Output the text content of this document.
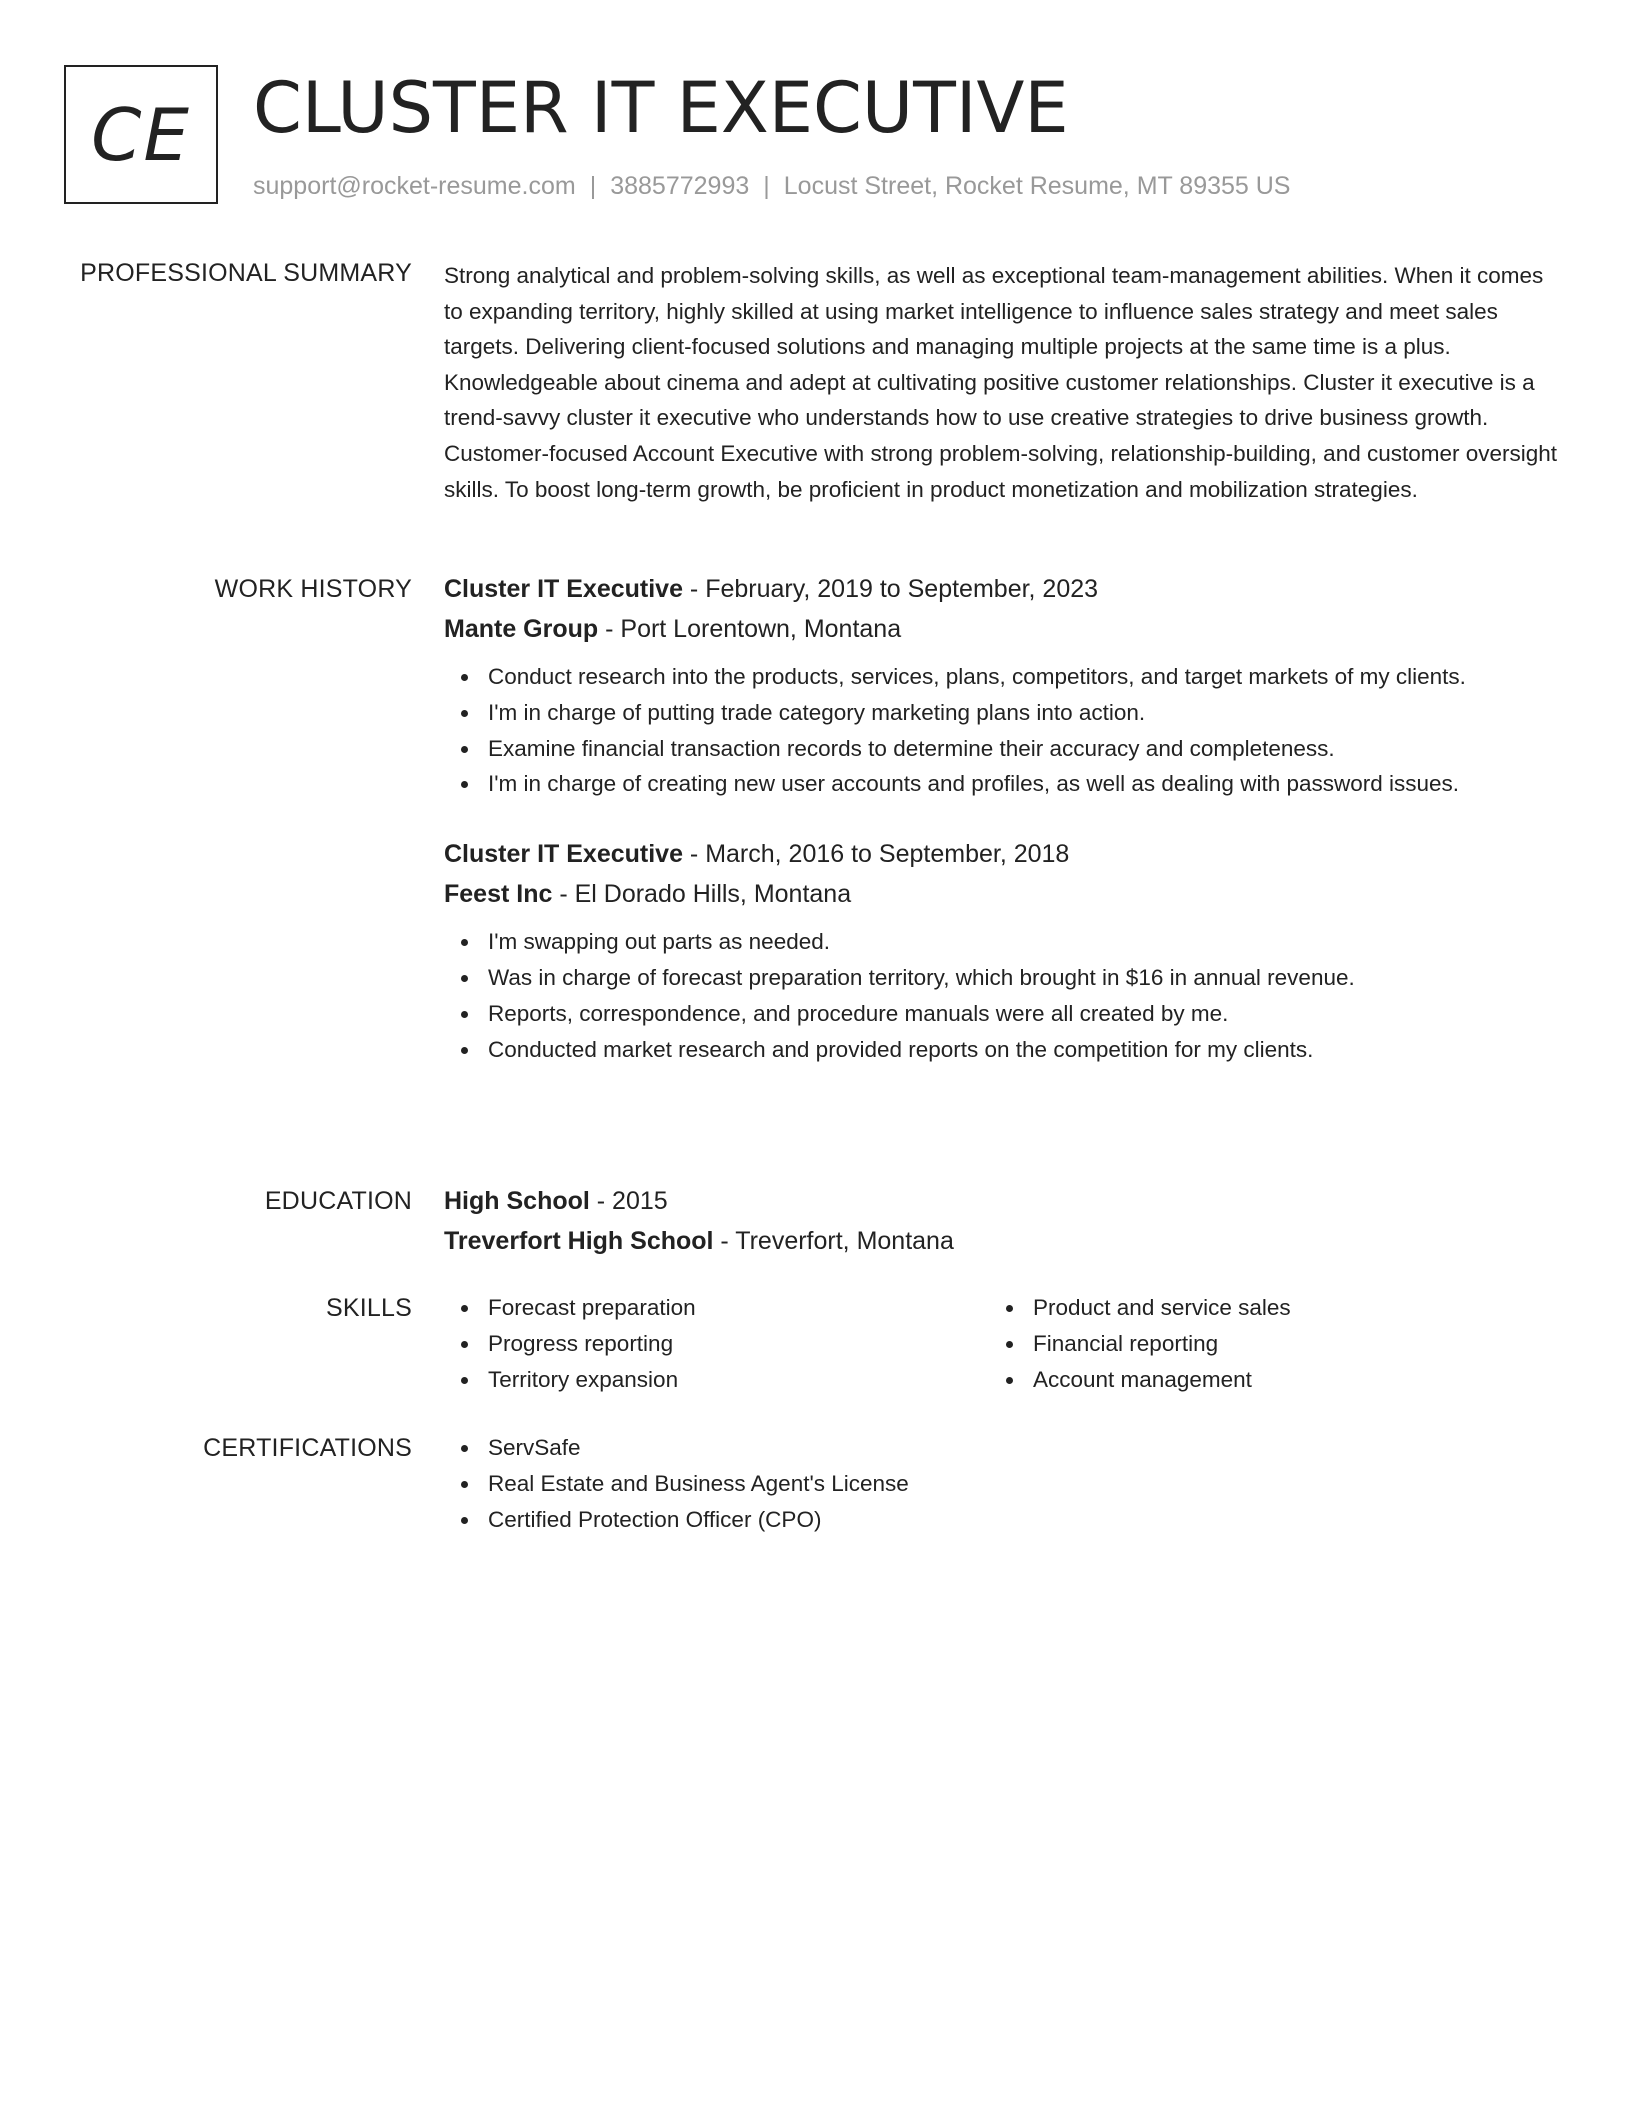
CE CLUSTER IT EXECUTIVE
support@rocket-resume.com | 3885772993 | Locust Street, Rocket Resume, MT 89355 US
PROFESSIONAL SUMMARY Strong analytical and problem-solving skills, as well as exceptional team-management abilities. When it comes to expanding territory, highly skilled at using market intelligence to influence sales strategy and meet sales targets. Delivering client-focused solutions and managing multiple projects at the same time is a plus. Knowledgeable about cinema and adept at cultivating positive customer relationships. Cluster it executive is a trend-savvy cluster it executive who understands how to use creative strategies to drive business growth. Customer-focused Account Executive with strong problem-solving, relationship-building, and customer oversight skills. To boost long-term growth, be proficient in product monetization and mobilization strategies.

WORK HISTORY Cluster IT Executive - February, 2019 to September, 2023

Mante Group - Port Lorentown, Montana

Conduct research into the products, services, plans, competitors, and target markets of my clients.
I'm in charge of putting trade category marketing plans into action.
Examine financial transaction records to determine their accuracy and completeness.
I'm in charge of creating new user accounts and profiles, as well as dealing with password issues.

Cluster IT Executive - March, 2016 to September, 2018

Feest Inc - El Dorado Hills, Montana

I'm swapping out parts as needed.
Was in charge of forecast preparation territory, which brought in $16 in annual revenue.
Reports, correspondence, and procedure manuals were all created by me.
Conducted market research and provided reports on the competition for my clients.
EDUCATION High School - 2015

Treverfort High School - Treverfort, Montana

SKILLS	Forecast preparation
Progress reporting
Territory expansion
Product and service sales
Financial reporting
Account management
CERTIFICATIONS	ServSafe
Real Estate and Business Agent's License
Certified Protection Officer (CPO)
